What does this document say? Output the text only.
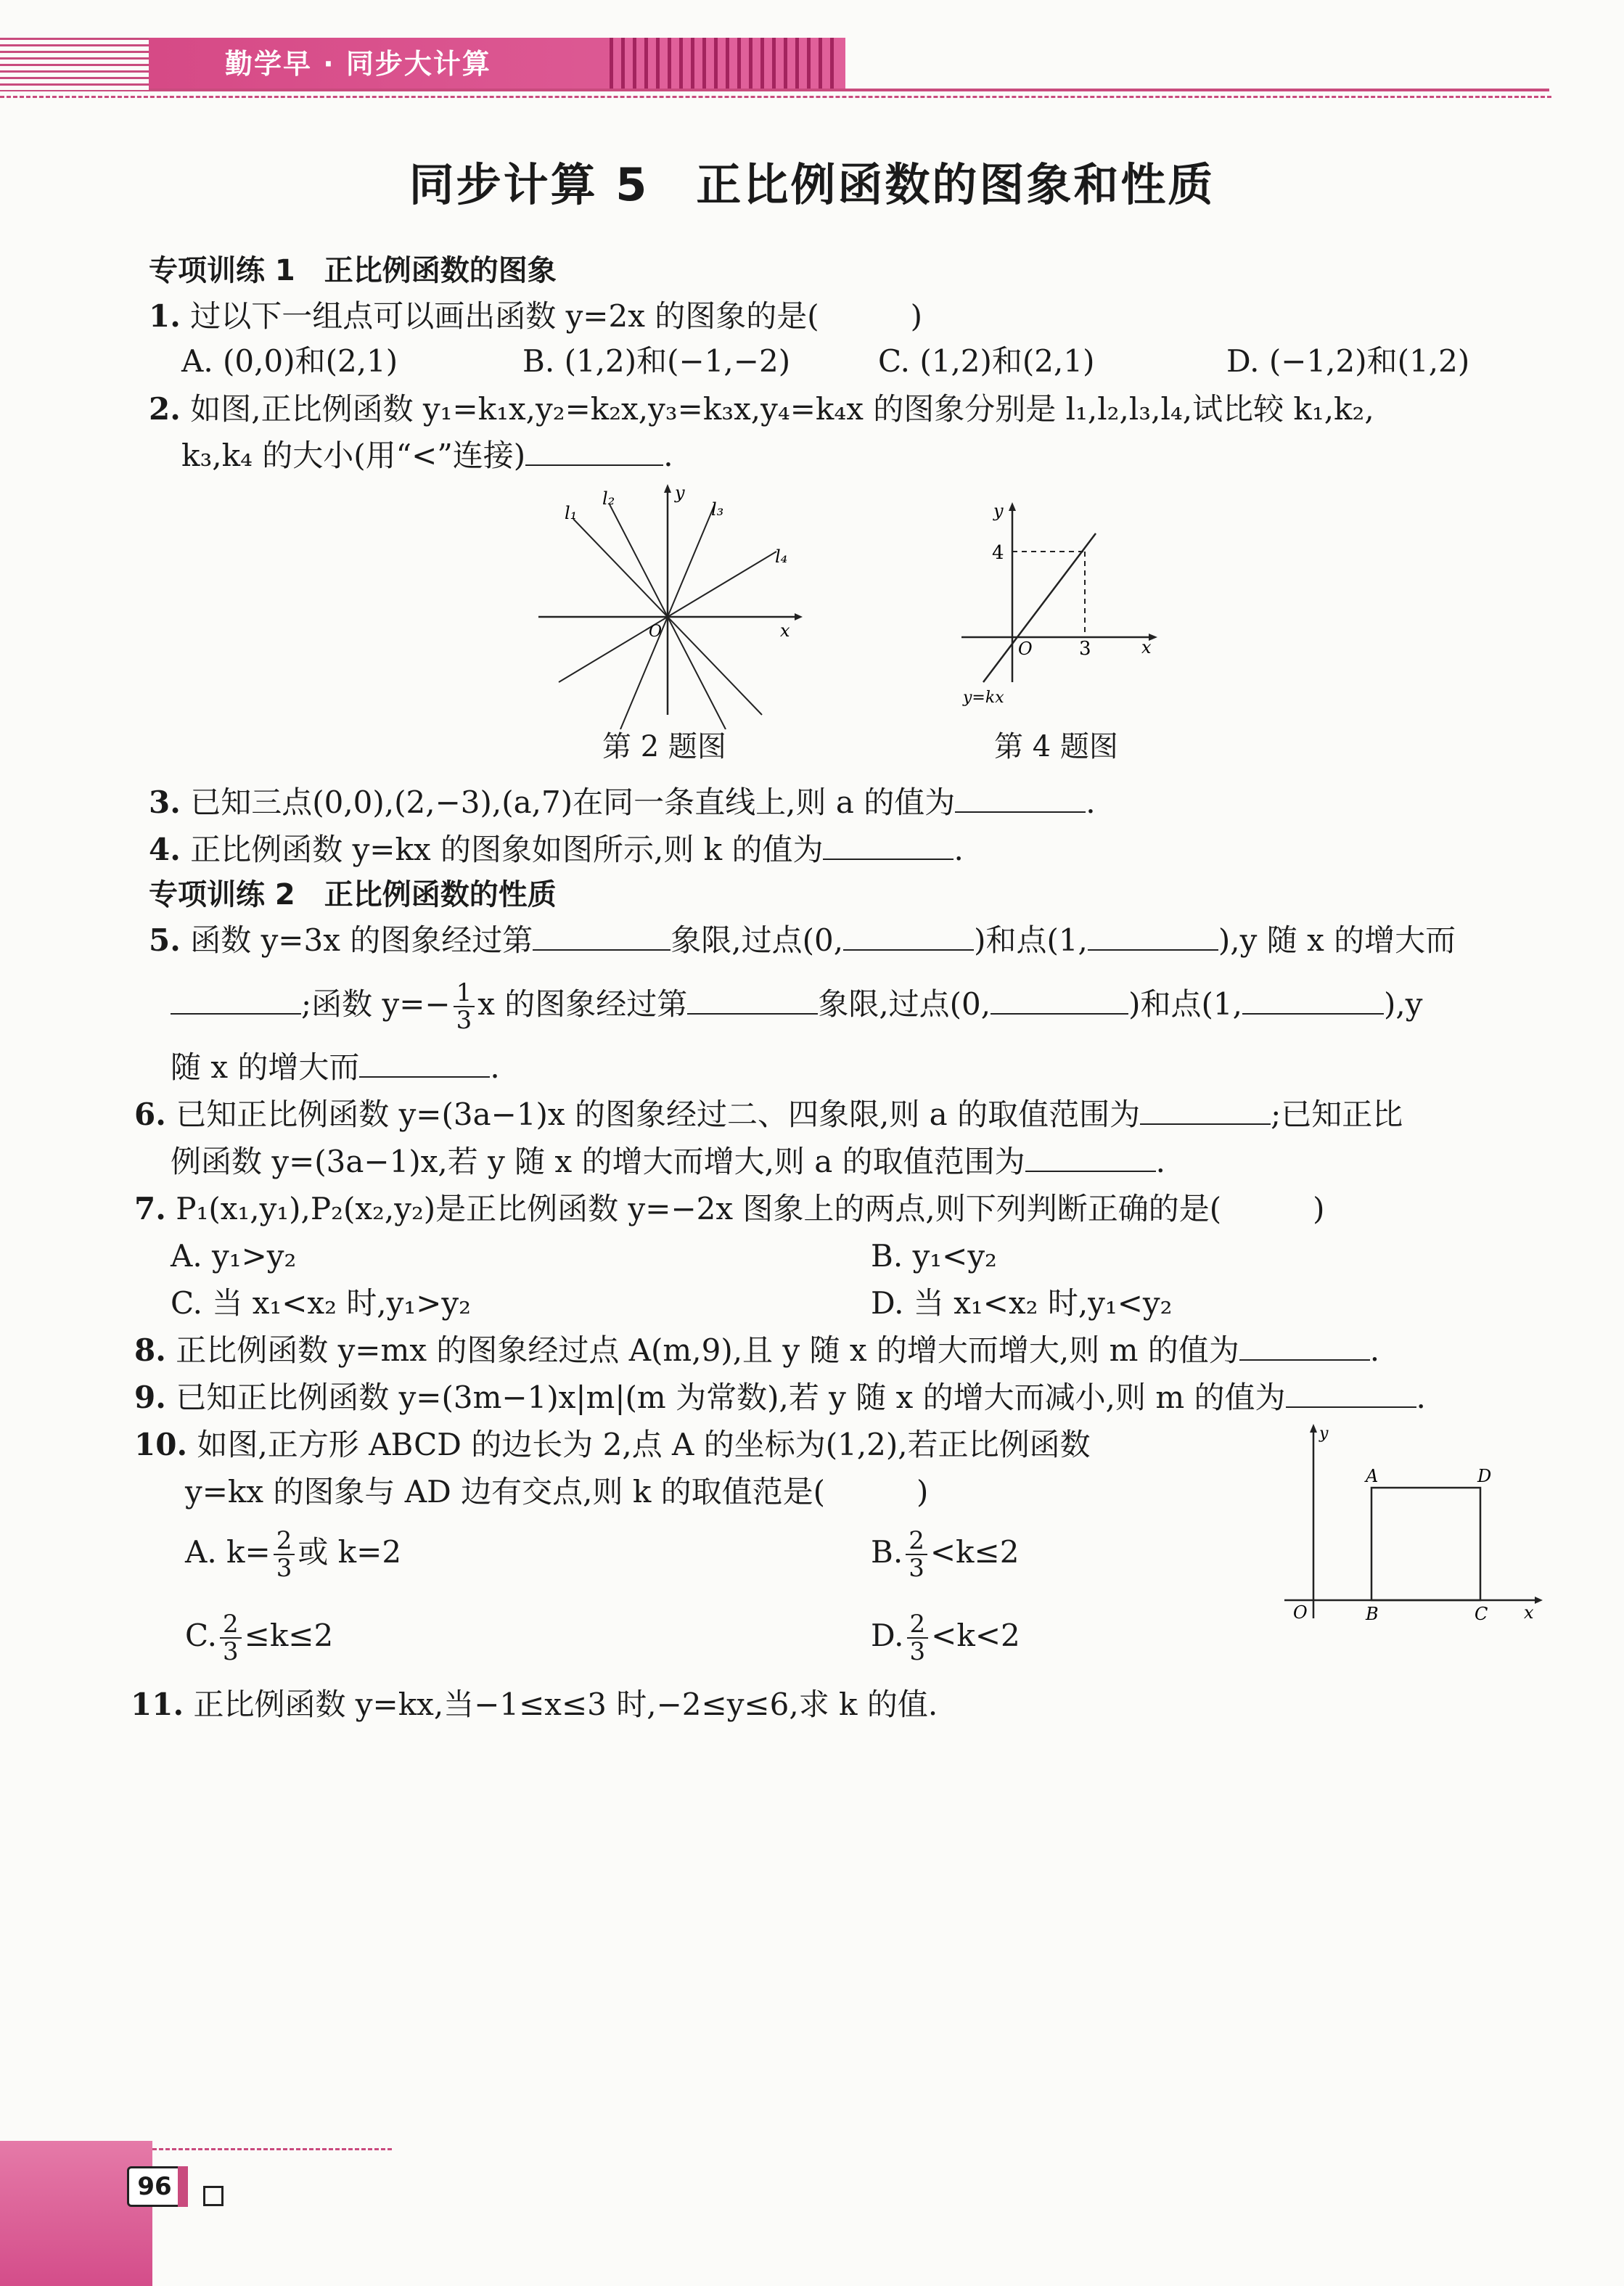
勤学早 · 同步大计算
同步计算 5　正比例函数的图象和性质
专项训练 1　正比例函数的图象
1. 过以下一组点可以画出函数 y=2x 的图象的是(　　　)
A. (0,0)和(2,1)	B. (1,2)和(−1,−2)	C. (1,2)和(2,1)	D. (−1,2)和(1,2)
2. 如图,正比例函数 y₁=k₁x,y₂=k₂x,y₃=k₃x,y₄=k₄x 的图象分别是 l₁,l₂,l₃,l₄,试比较 k₁,k₂,
k₃,k₄ 的大小(用“<”连接)	.
l₁
l₂
l₃
l₄
y
x
O
第 2 题图
y
x
O
4
3
y=kx
第 4 题图
3. 已知三点(0,0),(2,−3),(a,7)在同一条直线上,则 a 的值为	.
4. 正比例函数 y=kx 的图象如图所示,则 k 的值为	.
专项训练 2　正比例函数的性质
5. 函数 y=3x 的图象经过第	象限,过点(0,	)和点(1,	),y 随 x 的增大而
;函数 $y=- \frac{1}{3}$ x 的图象经过第	象限,过点(0,	)和点(1,	),y
随 x 的增大而	.
6. 已知正比例函数 y=(3a−1)x 的图象经过二、四象限,则 a 的取值范围为	;已知正比
例函数 y=(3a−1)x,若 y 随 x 的增大而增大,则 a 的取值范围为	.
7. P₁(x₁,y₁),P₂(x₂,y₂)是正比例函数 y=−2x 图象上的两点,则下列判断正确的是(　　　)
A. y₁>y₂	B. y₁<y₂
C. 当 x₁<x₂ 时,y₁>y₂	D. 当 x₁<x₂ 时,y₁<y₂
8. 正比例函数 y=mx 的图象经过点 A(m,9),且 y 随 x 的增大而增大,则 m 的值为	.
9. 已知正比例函数 y=(3m−1)x|m|(m 为常数),若 y 随 x 的增大而减小,则 m 的值为	.
10. 如图,正方形 ABCD 的边长为 2,点 A 的坐标为(1,2),若正比例函数
y=kx 的图象与 AD 边有交点,则 k 的取值范是(　　　)
A. $k= \frac{2}{3}$ 或 k=2	B. $\frac{2}{3} <k\le 2$
C. $\frac{2}{3} \le k\le 2$	D. $\frac{2}{3} <k<2$
y
x
O
A	D
B	C
11. 正比例函数 y=kx,当−1≤x≤3 时,−2≤y≤6,求 k 的值.
96
